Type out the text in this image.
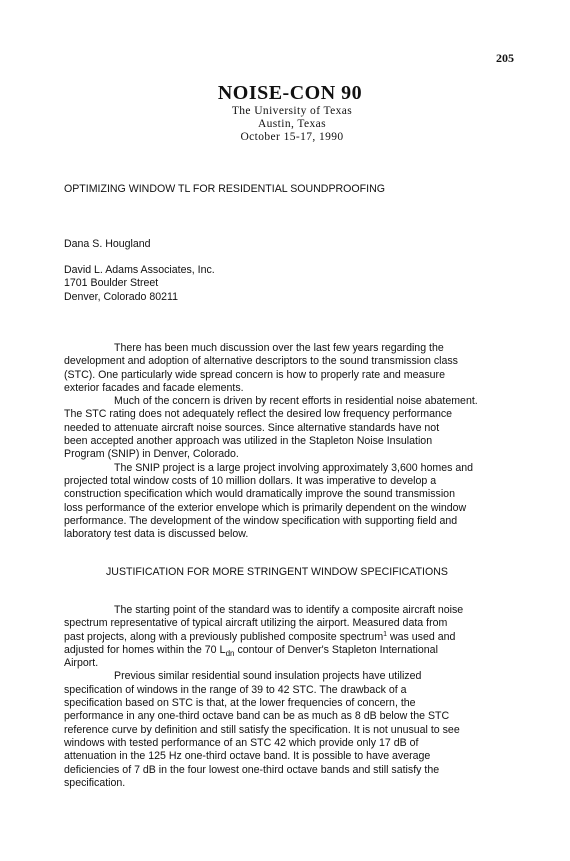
205
NOISE-CON 90
The University of Texas
Austin, Texas
October 15-17, 1990
OPTIMIZING WINDOW TL FOR RESIDENTIAL SOUNDPROOFING
Dana S. Hougland
David L. Adams Associates, Inc.
1701 Boulder Street
Denver, Colorado 80211
There has been much discussion over the last few years regarding the
development and adoption of alternative descriptors to the sound transmission class
(STC). One particularly wide spread concern is how to properly rate and measure
exterior facades and facade elements.
Much of the concern is driven by recent efforts in residential noise abatement.
The STC rating does not adequately reflect the desired low frequency performance
needed to attenuate aircraft noise sources. Since alternative standards have not
been accepted another approach was utilized in the Stapleton Noise Insulation
Program (SNIP) in Denver, Colorado.
The SNIP project is a large project involving approximately 3,600 homes and
projected total window costs of 10 million dollars. It was imperative to develop a
construction specification which would dramatically improve the sound transmission
loss performance of the exterior envelope which is primarily dependent on the window
performance. The development of the window specification with supporting field and
laboratory test data is discussed below.
JUSTIFICATION FOR MORE STRINGENT WINDOW SPECIFICATIONS
The starting point of the standard was to identify a composite aircraft noise
spectrum representative of typical aircraft utilizing the airport. Measured data from
past projects, along with a previously published composite spectrum$^1$ was used and
adjusted for homes within the 70 $L_{dn}$ contour of Denver's Stapleton International
Airport.
Previous similar residential sound insulation projects have utilized
specification of windows in the range of 39 to 42 STC. The drawback of a
specification based on STC is that, at the lower frequencies of concern, the
performance in any one-third octave band can be as much as 8 dB below the STC
reference curve by definition and still satisfy the specification. It is not unusual to see
windows with tested performance of an STC 42 which provide only 17 dB of
attenuation in the 125 Hz one-third octave band. It is possible to have average
deficiencies of 7 dB in the four lowest one-third octave bands and still satisfy the
specification.
